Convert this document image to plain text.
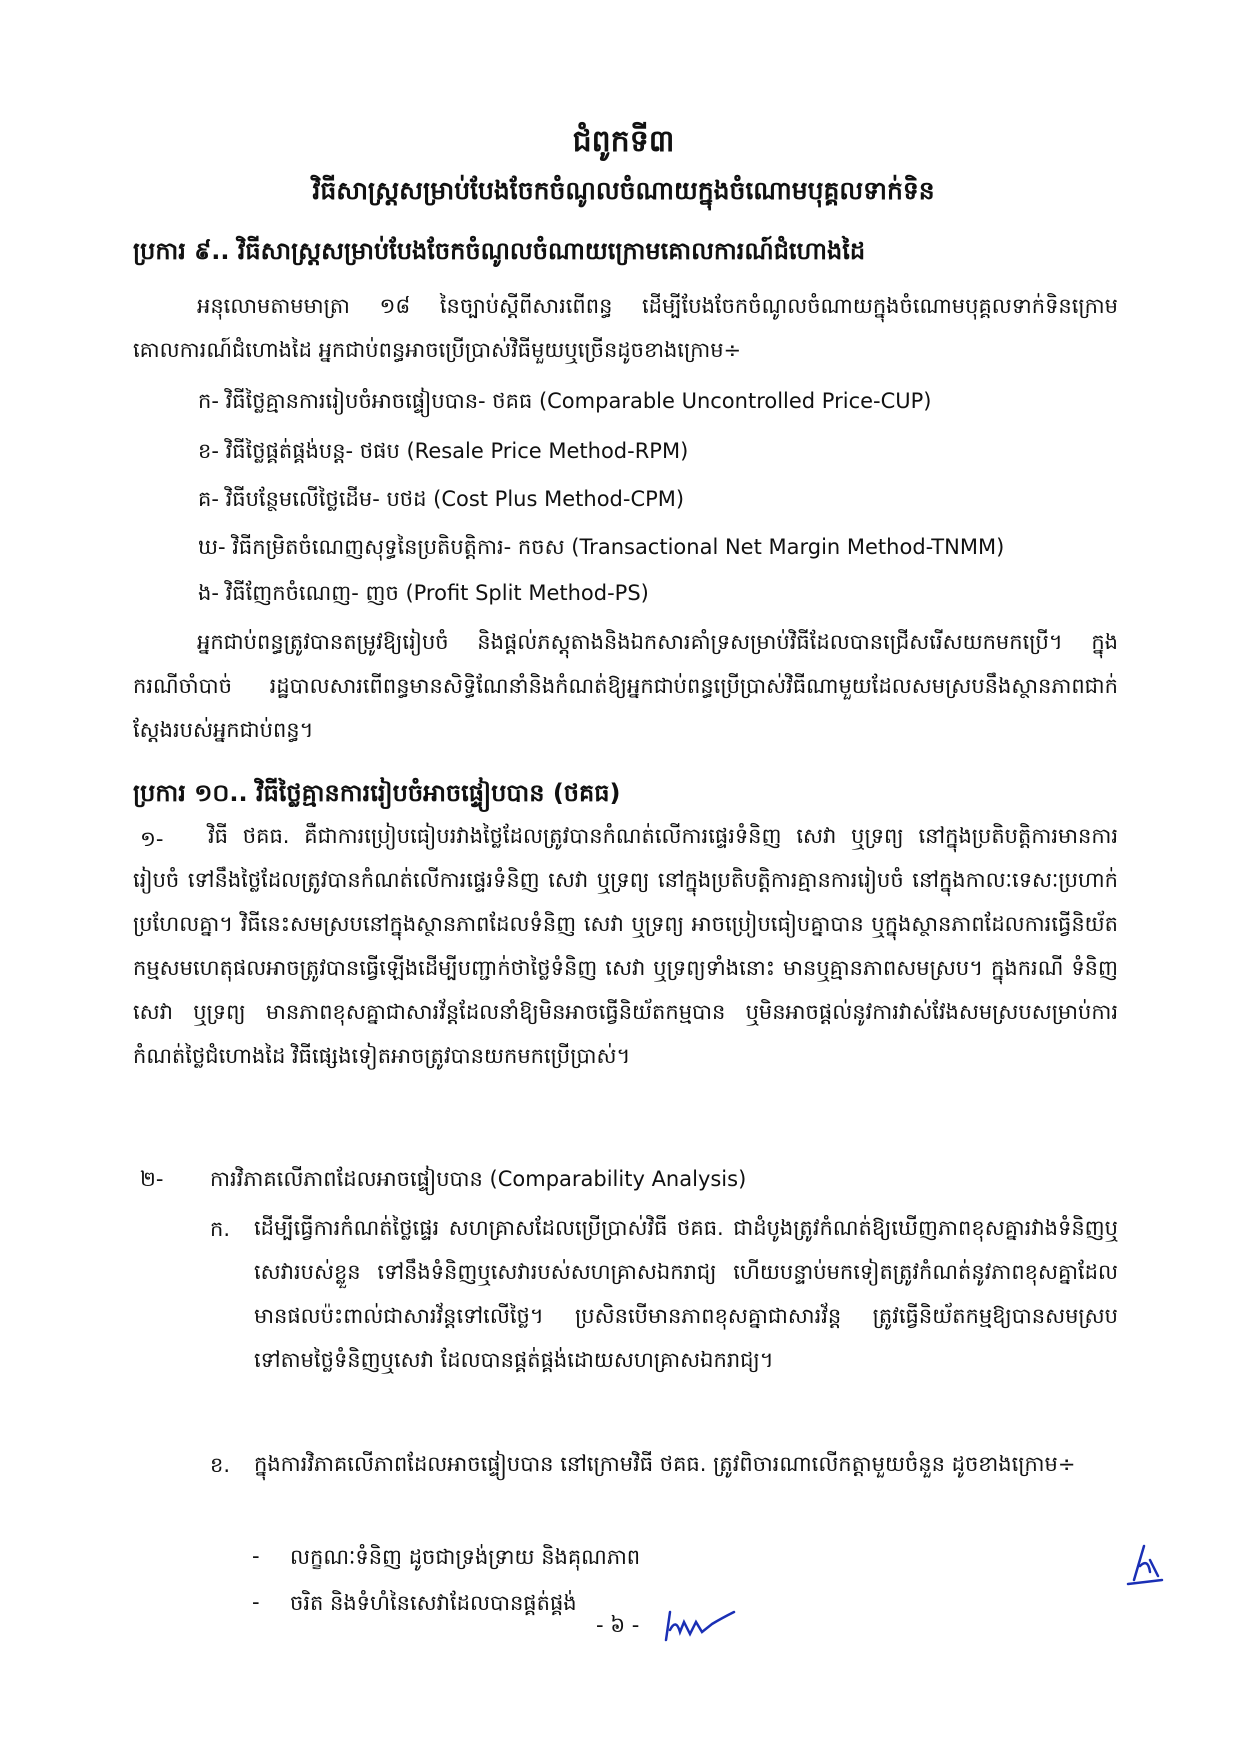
ជំពូកទី៣
វិធីសាស្ត្រសម្រាប់បែងចែកចំណូលចំណាយក្នុងចំណោមបុគ្គលទាក់ទិន
ប្រការ ៩.. វិធីសាស្ត្រសម្រាប់បែងចែកចំណូលចំណាយក្រោមគោលការណ៍ជំហោងដៃ
អនុលោមតាមមាត្រា ១៨ នៃច្បាប់ស្តីពីសារពើពន្ធ ដើម្បីបែងចែកចំណូលចំណាយក្នុងចំណោមបុគ្គលទាក់ទិនក្រោមគោលការណ៍ជំហោងដៃ អ្នកជាប់ពន្ធអាចប្រើប្រាស់វិធីមួយឬច្រើនដូចខាងក្រោម÷
ក- វិធីថ្លៃគ្មានការរៀបចំអាចផ្ទៀបបាន- ថគធ (Comparable Uncontrolled Price-CUP)
ខ- វិធីថ្លៃផ្គត់ផ្គង់បន្ត- ថផប (Resale Price Method-RPM)
គ- វិធីបន្ថែមលើថ្លៃដើម- បថដ (Cost Plus Method-CPM)
ឃ- វិធីកម្រិតចំណេញសុទ្ធនៃប្រតិបត្តិការ- កចស (Transactional Net Margin Method-TNMM)
ង- វិធីញែកចំណេញ- ញច (Profit Split Method-PS)
អ្នកជាប់ពន្ធត្រូវបានតម្រូវឱ្យរៀបចំ និងផ្តល់ភស្តុតាងនិងឯកសារគាំទ្រសម្រាប់វិធីដែលបានជ្រើសរើសយកមកប្រើ។ ក្នុងករណីចាំបាច់ រដ្ឋបាលសារពើពន្ធមានសិទ្ធិណែនាំនិងកំណត់ឱ្យអ្នកជាប់ពន្ធប្រើប្រាស់វិធីណាមួយដែលសមស្របនឹងស្ថានភាពជាក់ស្តែងរបស់អ្នកជាប់ពន្ធ។
ប្រការ ១០.. វិធីថ្លៃគ្មានការរៀបចំអាចផ្ទៀបបាន (ថគធ)
១-	វិធី ថគធ. គឺជាការប្រៀបធៀបរវាងថ្លៃដែលត្រូវបានកំណត់លើការផ្ទេរទំនិញ សេវា ឬទ្រព្យ នៅក្នុងប្រតិបត្តិការមានការរៀបចំ ទៅនឹងថ្លៃដែលត្រូវបានកំណត់លើការផ្ទេរទំនិញ សេវា ឬទ្រព្យ នៅក្នុងប្រតិបត្តិការគ្មានការរៀបចំ នៅក្នុងកាលៈទេសៈប្រហាក់ប្រហែលគ្នា។ វិធីនេះសមស្របនៅក្នុងស្ថានភាពដែលទំនិញ សេវា ឬទ្រព្យ អាចប្រៀបធៀបគ្នាបាន ឬក្នុងស្ថានភាពដែលការធ្វើនិយ័តកម្មសមហេតុផលអាចត្រូវបានធ្វើឡើងដើម្បីបញ្ជាក់ថាថ្លៃទំនិញ សេវា ឬទ្រព្យទាំងនោះ មានឬគ្មានភាពសមស្រប។ ក្នុងករណី ទំនិញ សេវា ឬទ្រព្យ មានភាពខុសគ្នាជាសារវ័ន្តដែលនាំឱ្យមិនអាចធ្វើនិយ័តកម្មបាន ឬមិនអាចផ្តល់នូវការវាស់វែងសមស្របសម្រាប់ការកំណត់ថ្លៃជំហោងដៃ វិធីផ្សេងទៀតអាចត្រូវបានយកមកប្រើប្រាស់។
២- ការវិភាគលើភាពដែលអាចផ្ទៀបបាន (Comparability Analysis)
ក. ដើម្បីធ្វើការកំណត់ថ្លៃផ្ទេរ សហគ្រាសដែលប្រើប្រាស់វិធី ថគធ. ជាដំបូងត្រូវកំណត់ឱ្យឃើញភាពខុសគ្នារវាងទំនិញឬសេវារបស់ខ្លួន ទៅនឹងទំនិញឬសេវារបស់សហគ្រាសឯករាជ្យ ហើយបន្ទាប់មកទៀតត្រូវកំណត់នូវភាពខុសគ្នាដែលមានផលប៉ះពាល់ជាសារវ័ន្តទៅលើថ្លៃ។ ប្រសិនបើមានភាពខុសគ្នាជាសារវ័ន្ត ត្រូវធ្វើនិយ័តកម្មឱ្យបានសមស្របទៅតាមថ្លៃទំនិញឬសេវា ដែលបានផ្គត់ផ្គង់ដោយសហគ្រាសឯករាជ្យ។
ខ. ក្នុងការវិភាគលើភាពដែលអាចផ្ទៀបបាន នៅក្រោមវិធី ថគធ. ត្រូវពិចារណាលើកត្តាមួយចំនួន ដូចខាងក្រោម÷
- លក្ខណៈទំនិញ ដូចជាទ្រង់ទ្រាយ និងគុណភាព
- ចរិត និងទំហំនៃសេវាដែលបានផ្គត់ផ្គង់
- ៦ -
